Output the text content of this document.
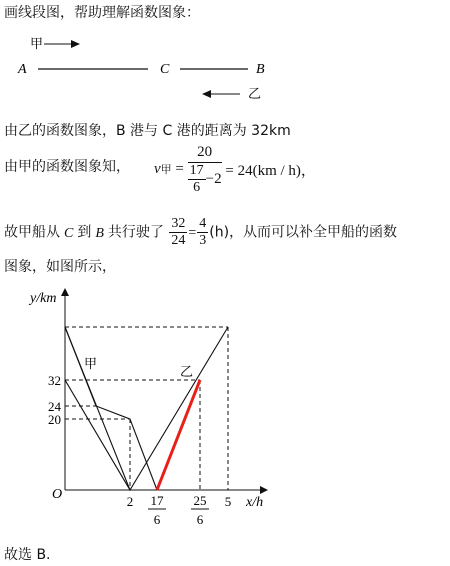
画线段图，帮助理解函数图象：
甲
A	C	B
乙
由乙的函数图象，B 港与 C 港的距离为 32km
由甲的函数图象知， v甲 = $\frac{20}{\frac{17}{6} -2} = 24(km / h)$，
故甲船从 C 到 B 共行驶了 $\frac{32}{24} = \frac{4}{3} (h)$，从而可以补全甲船的函数
图象，如图所示，
y/km
x/h
O
甲
乙
32
24
20
2 17
6
25
6
5
故选 B.
